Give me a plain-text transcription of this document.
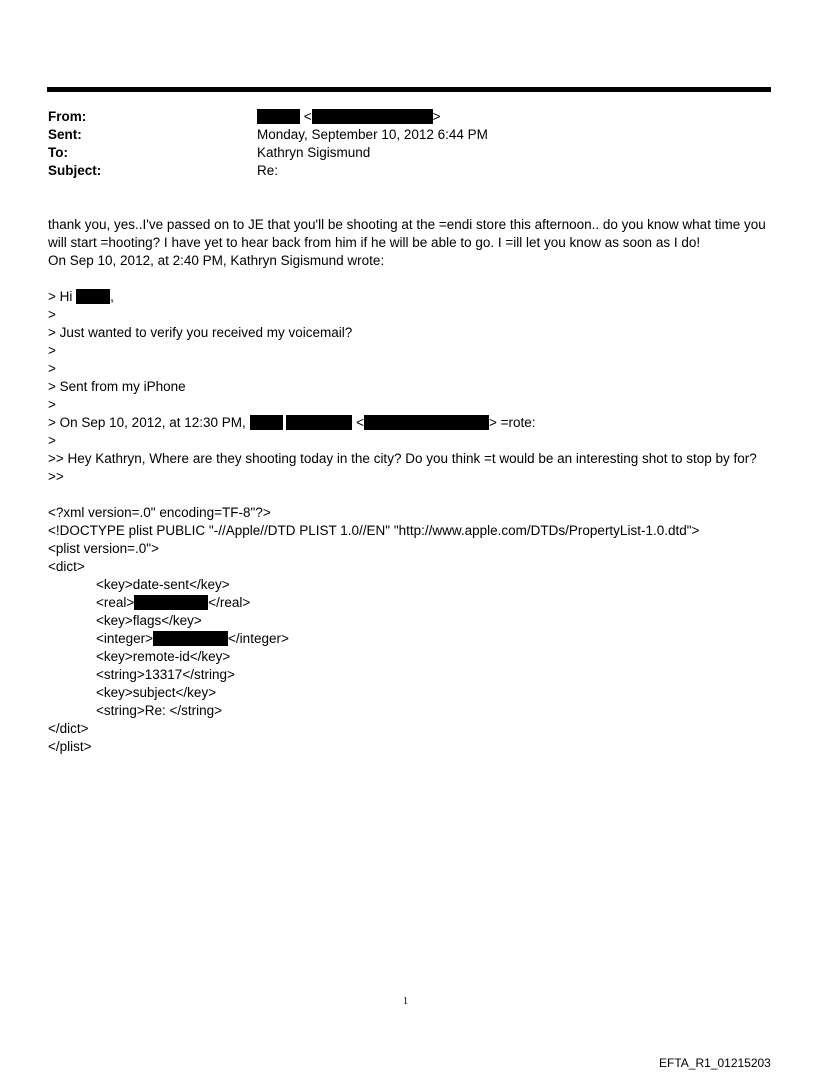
From:	<	>
Sent:	Monday, September 10, 2012 6:44 PM
To:	Kathryn Sigismund
Subject:	Re:
thank you, yes..I've passed on to JE that you'll be shooting at the =endi store this afternoon.. do you know what time you
will start =hooting? I have yet to hear back from him if he will be able to go. I =ill let you know as soon as I do!
On Sep 10, 2012, at 2:40 PM, Kathryn Sigismund wrote:
> Hi	,
>
> Just wanted to verify you received my voicemail?
>
>
> Sent from my iPhone
>
> On Sep 10, 2012, at 12:30 PM,	<	> =rote:
>
>> Hey Kathryn, Where are they shooting today in the city? Do you think =t would be an interesting shot to stop by for?
>>
<?xml version=.0" encoding=TF-8"?>
<!DOCTYPE plist PUBLIC "-//Apple//DTD PLIST 1.0//EN" "http://www.apple.com/DTDs/PropertyList-1.0.dtd">
<plist version=.0">
<dict>
<key>date-sent</key>
<real>	</real>
<key>flags</key>
<integer>	</integer>
<key>remote-id</key>
<string>13317</string>
<key>subject</key>
<string>Re: </string>
</dict>
</plist>
1
EFTA_R1_01215203
